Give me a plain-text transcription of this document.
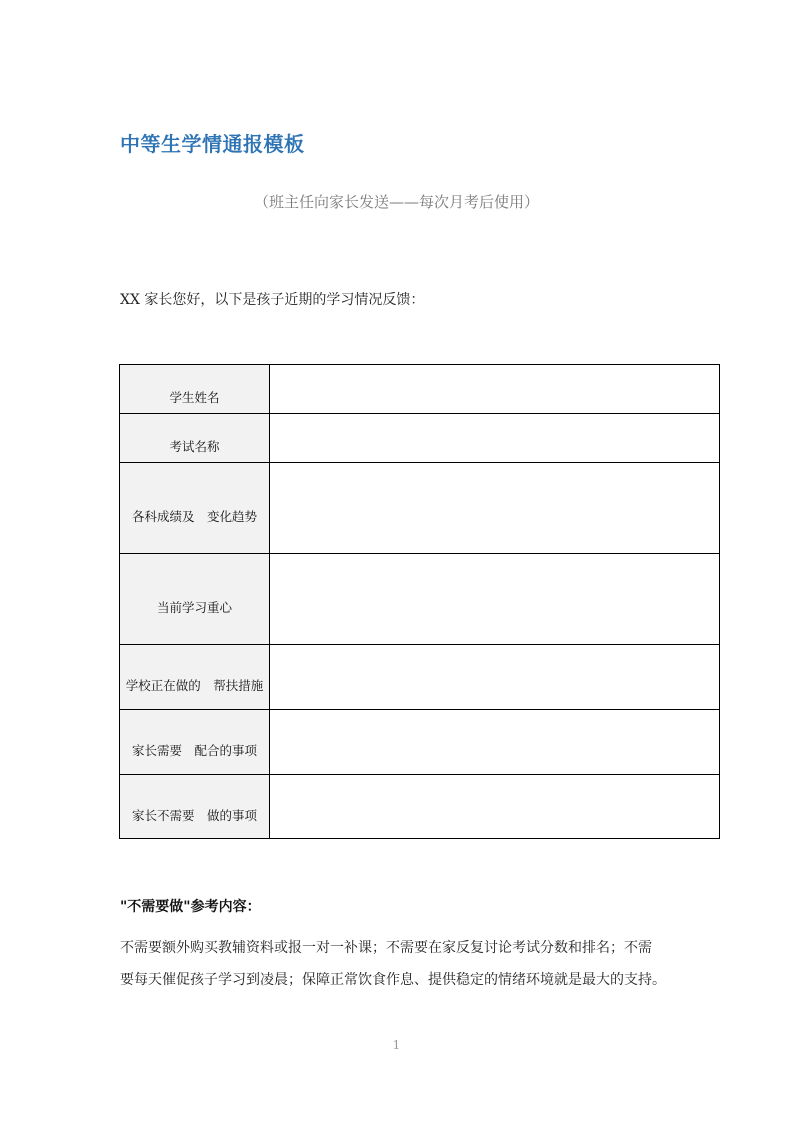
中等生学情通报模板
（班主任向家长发送——每次月考后使用）
XX 家长您好，以下是孩子近期的学习情况反馈：
学生姓名	
考试名称	
各科成绩及　变化趋势	
当前学习重心	
学校正在做的　帮扶措施	
家长需要　配合的事项	
家长不需要　做的事项	
"不需要做"参考内容：
不需要额外购买教辅资料或报一对一补课；不需要在家反复讨论考试分数和排名；不需
要每天催促孩子学习到凌晨；保障正常饮食作息、提供稳定的情绪环境就是最大的支持。
1
